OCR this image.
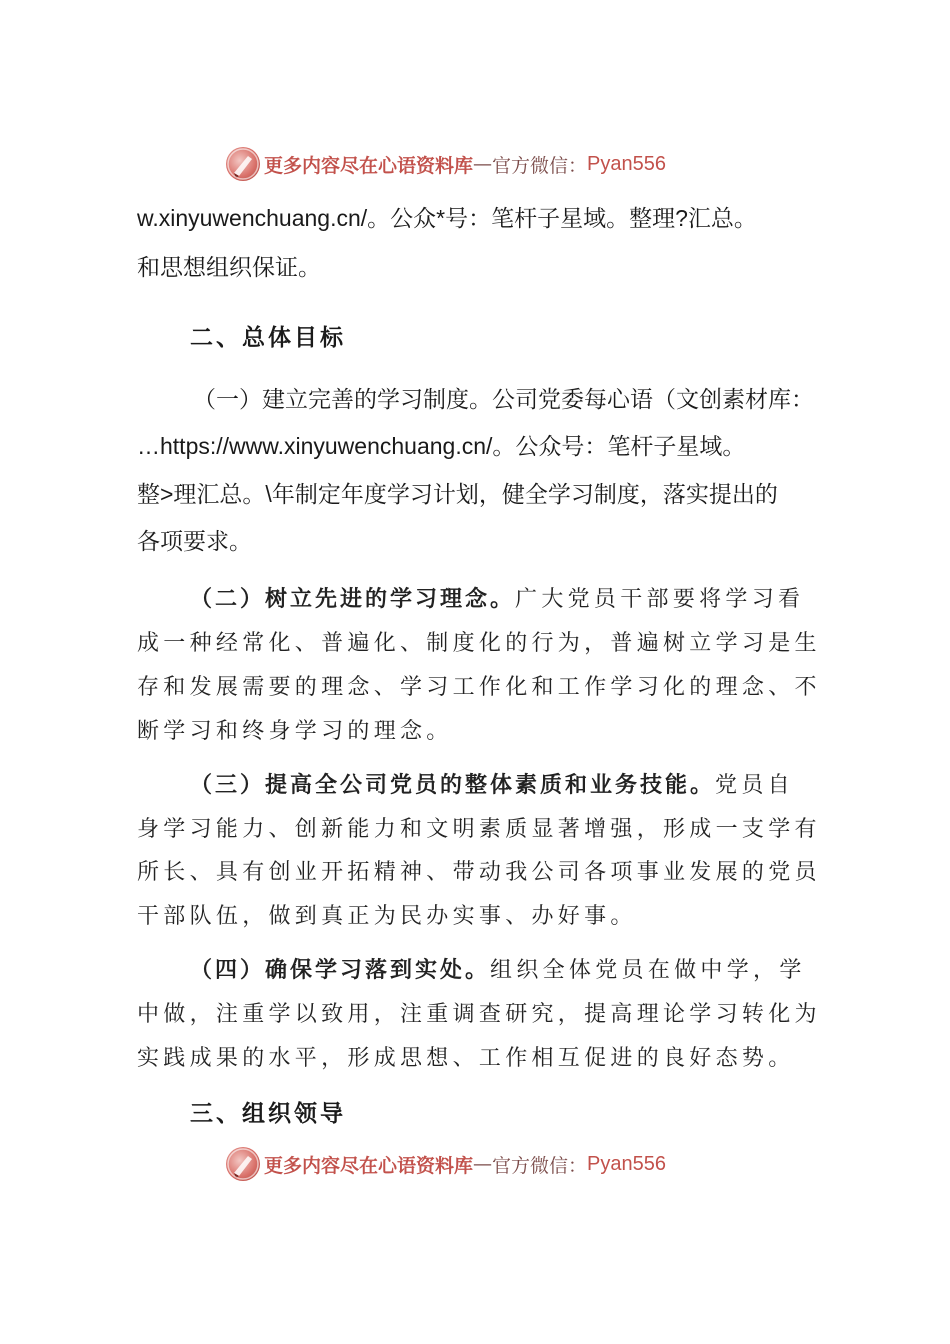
更多内容尽在心语资料库 — 官方微信： Pyan556
w.xinyuwenchuang.cn/。公众*号：笔杆子星域。整理?汇总。
和思想组织保证。
二、总体目标
（一）建立完善的学习制度。公司党委每心语（文创素材库：
…https://www.xinyuwenchuang.cn/。公众号：笔杆子星域。
整>理汇总。\年制定年度学习计划，健全学习制度，落实提出的
各项要求。
（二）树立先进的学习理念。广大党员干部要将学习看
成一种经常化、普遍化、制度化的行为，普遍树立学习是生
存和发展需要的理念、学习工作化和工作学习化的理念、不
断学习和终身学习的理念。
（三）提高全公司党员的整体素质和业务技能。党员自
身学习能力、创新能力和文明素质显著增强，形成一支学有
所长、具有创业开拓精神、带动我公司各项事业发展的党员
干部队伍，做到真正为民办实事、办好事。
（四）确保学习落到实处。组织全体党员在做中学，学
中做，注重学以致用，注重调查研究，提高理论学习转化为
实践成果的水平，形成思想、工作相互促进的良好态势。
三、组织领导
更多内容尽在心语资料库 — 官方微信： Pyan556
